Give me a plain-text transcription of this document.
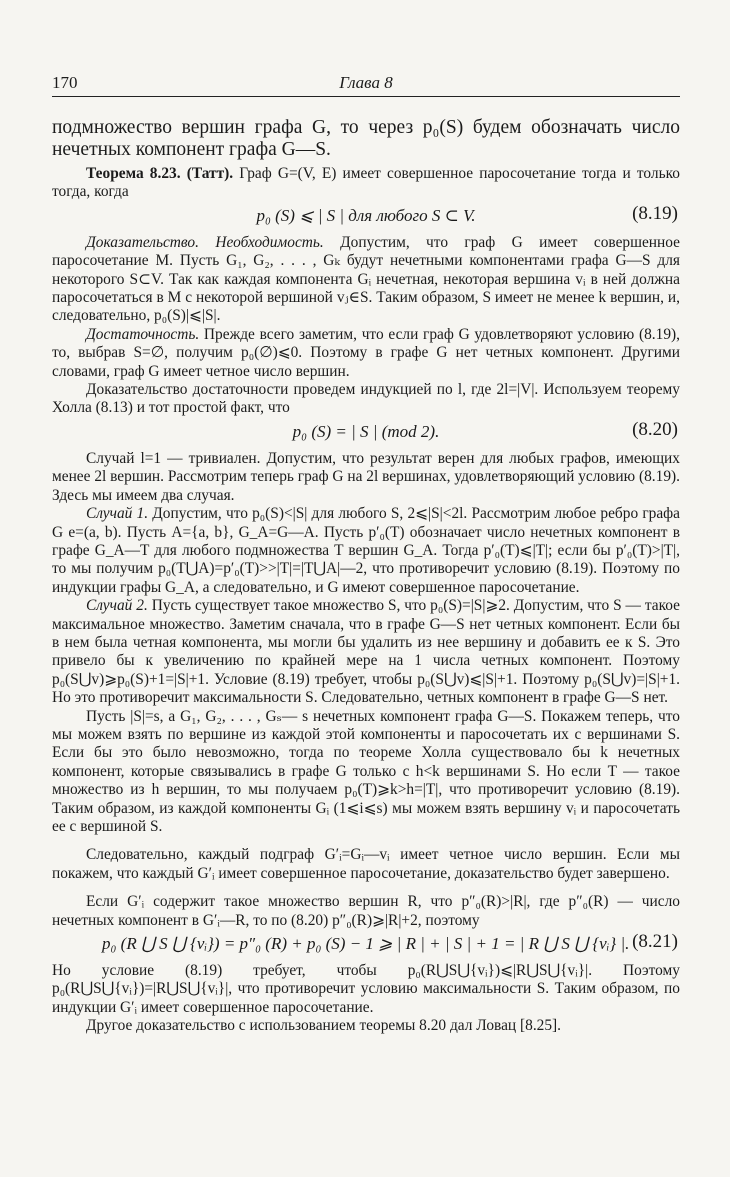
170	Глава 8
подмножество вершин графа G, то через p₀(S) будем обозначать число нечетных компонент графа G—S.

Теорема 8.23. (Татт). Граф G=(V, E) имеет совершенное паросочетание тогда и только тогда, когда

p₀ (S) ⩽ | S | для любого S ⊂ V.	(8.19)

Доказательство. Необходимость. Допустим, что граф G имеет совершенное паросочетание M. Пусть G₁, G₂, . . . , Gₖ будут нечетными компонентами графа G—S для некоторого S⊂V. Так как каждая компонента Gᵢ нечетная, некоторая вершина vᵢ в ней должна паросочетаться в M с некоторой вершиной vⱼ∈S. Таким образом, S имеет не менее k вершин, и, следовательно, p₀(S)|⩽|S|.

Достаточность. Прежде всего заметим, что если граф G удовлетворяют условию (8.19), то, выбрав S=∅, получим p₀(∅)⩽0. Поэтому в графе G нет четных компонент. Другими словами, граф G имеет четное число вершин.

Доказательство достаточности проведем индукцией по l, где 2l=|V|. Используем теорему Холла (8.13) и тот простой факт, что

p₀ (S) = | S | (mod 2).	(8.20)

Случай l=1 — тривиален. Допустим, что результат верен для любых графов, имеющих менее 2l вершин. Рассмотрим теперь граф G на 2l вершинах, удовлетворяющий условию (8.19). Здесь мы имеем два случая.

Случай 1. Допустим, что p₀(S)<|S| для любого S, 2⩽|S|<2l. Рассмотрим любое ребро графа G e=(a, b). Пусть A={a, b}, G_A=G—A. Пусть p′₀(T) обозначает число нечетных компонент в графе G_A—T для любого подмножества T вершин G_A. Тогда p′₀(T)⩽|T|; если бы p′₀(T)>|T|, то мы получим p₀(T⋃A)=p′₀(T)>>|T|=|T⋃A|—2, что противоречит условию (8.19). Поэтому по индукции графы G_A, а следовательно, и G имеют совершенное паросочетание.

Случай 2. Пусть существует такое множество S, что p₀(S)=|S|⩾2. Допустим, что S — такое максимальное множество. Заметим сначала, что в графе G—S нет четных компонент. Если бы в нем была четная компонента, мы могли бы удалить из нее вершину и добавить ее к S. Это привело бы к увеличению по крайней мере на 1 числа четных компонент. Поэтому p₀(S⋃v)⩾p₀(S)+1=|S|+1. Условие (8.19) требует, чтобы p₀(S⋃v)⩽|S|+1. Поэтому p₀(S⋃v)=|S|+1. Но это противоречит максимальности S. Следовательно, четных компонент в графе G—S нет.

Пусть |S|=s, а G₁, G₂, . . . , Gₛ— s нечетных компонент графа G—S. Покажем теперь, что мы можем взять по вершине из каждой этой компоненты и паросочетать их с вершинами S. Если бы это было невозможно, тогда по теореме Холла существовало бы k нечетных компонент, которые связывались в графе G только с h<k вершинами S. Но если T — такое множество из h вершин, то мы получаем p₀(T)⩾k>h=|T|, что противоречит условию (8.19). Таким образом, из каждой компоненты Gᵢ (1⩽i⩽s) мы можем взять вершину vᵢ и паросочетать ее с вершиной S.

Следовательно, каждый подграф G′ᵢ=Gᵢ—vᵢ имеет четное число вершин. Если мы покажем, что каждый G′ᵢ имеет совершенное паросочетание, доказательство будет завершено.

Если G′ᵢ содержит такое множество вершин R, что p″₀(R)>|R|, где p″₀(R) — число нечетных компонент в G′ᵢ—R, то по (8.20) p″₀(R)⩾|R|+2, поэтому

p₀ (R ⋃ S ⋃ {vᵢ}) = p″₀ (R) + p₀ (S) − 1 ⩾ | R | + | S | + 1 = | R ⋃ S ⋃ {vᵢ} |. (8.21)

Но условие (8.19) требует, чтобы p₀(R⋃S⋃{vᵢ})⩽|R⋃S⋃{vᵢ}|. Поэтому p₀(R⋃S⋃{vᵢ})=|R⋃S⋃{vᵢ}|, что противоречит условию максимальности S. Таким образом, по индукции G′ᵢ имеет совершенное паросочетание.

Другое доказательство с использованием теоремы 8.20 дал Ловац [8.25].
